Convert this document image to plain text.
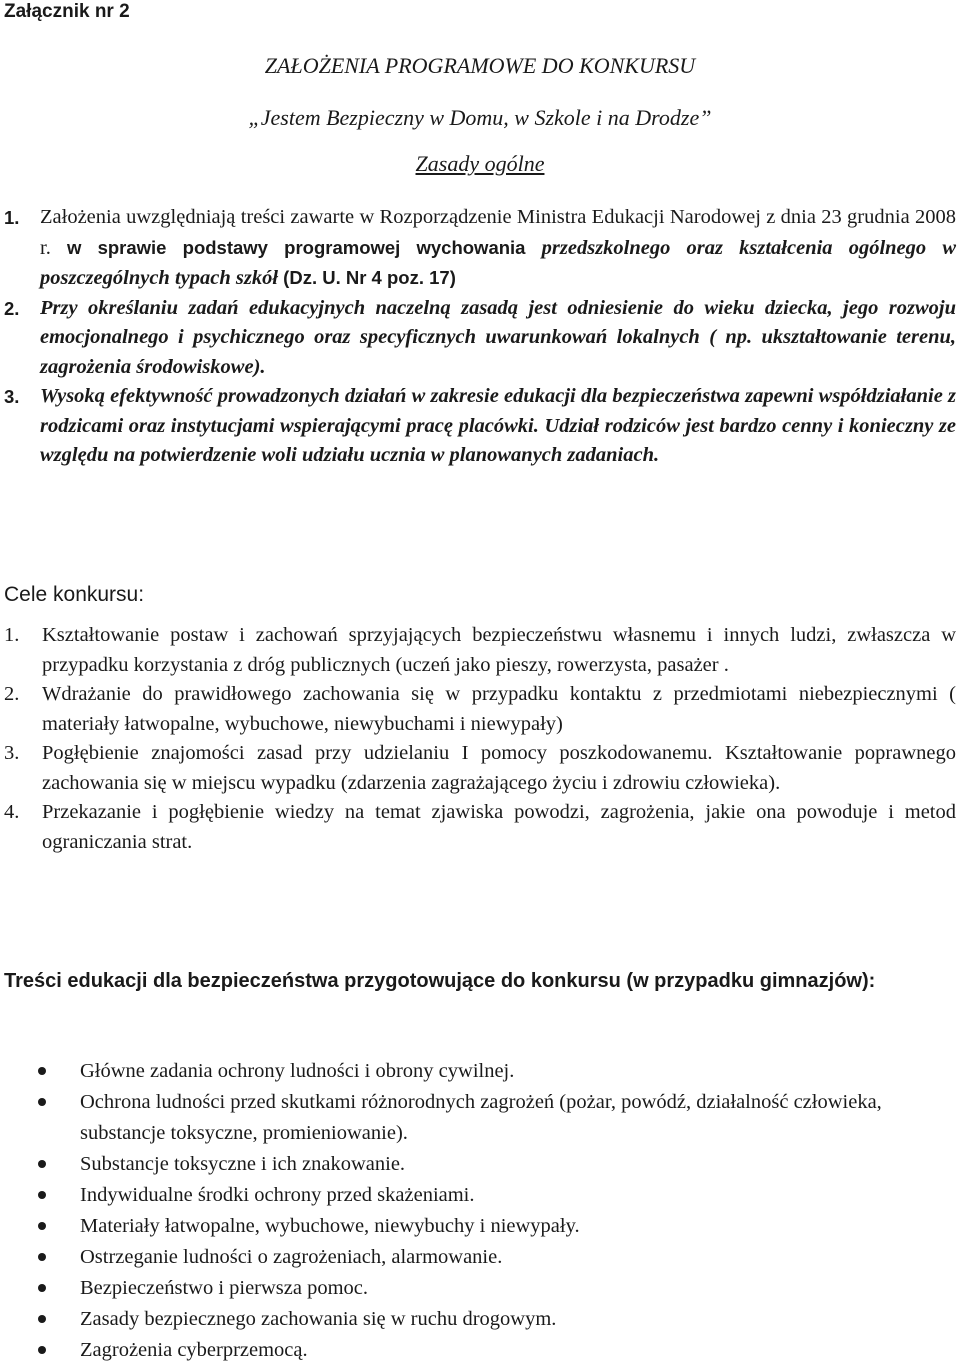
Załącznik nr 2
ZAŁOŻENIA PROGRAMOWE DO KONKURSU
„Jestem Bezpieczny w Domu, w Szkole i na Drodze”
Zasady ogólne
1.	Założenia uwzględniają treści zawarte w Rozporządzenie Ministra Edukacji Narodowej z dnia 23 grudnia 2008 r. w sprawie podstawy programowej wychowania przedszkolnego oraz kształcenia ogólnego w poszczególnych typach szkół (Dz. U. Nr 4 poz. 17)
2.	Przy określaniu zadań edukacyjnych naczelną zasadą jest odniesienie do wieku dziecka, jego rozwoju emocjonalnego i psychicznego oraz specyficznych uwarunkowań lokalnych ( np. ukształtowanie terenu, zagrożenia środowiskowe).
3.	Wysoką efektywność prowadzonych działań w zakresie edukacji dla bezpieczeństwa zapewni współdziałanie z rodzicami oraz instytucjami wspierającymi pracę placówki. Udział rodziców jest bardzo cenny i konieczny ze względu na potwierdzenie woli udziału ucznia w planowanych zadaniach.
Cele konkursu:
1.	Kształtowanie postaw i zachowań sprzyjających bezpieczeństwu własnemu i innych ludzi, zwłaszcza w przypadku korzystania z dróg publicznych (uczeń jako pieszy, rowerzysta, pasażer .
2.	Wdrażanie do prawidłowego zachowania się w przypadku kontaktu z przedmiotami niebezpiecznymi ( materiały łatwopalne, wybuchowe, niewybuchami i niewypały)
3.	Pogłębienie znajomości zasad przy udzielaniu I pomocy poszkodowanemu. Kształtowanie poprawnego zachowania się w miejscu wypadku (zdarzenia zagrażającego życiu i zdrowiu człowieka).
4.	Przekazanie i pogłębienie wiedzy na temat zjawiska powodzi, zagrożenia, jakie ona powoduje i metod ograniczania strat.
Treści edukacji dla bezpieczeństwa przygotowujące do konkursu (w przypadku gimnazjów):
Główne zadania ochrony ludności i obrony cywilnej.
Ochrona ludności przed skutkami różnorodnych zagrożeń (pożar, powódź, działalność człowieka, substancje toksyczne, promieniowanie).
Substancje toksyczne i ich znakowanie.
Indywidualne środki ochrony przed skażeniami.
Materiały łatwopalne, wybuchowe, niewybuchy i niewypały.
Ostrzeganie ludności o zagrożeniach, alarmowanie.
Bezpieczeństwo i pierwsza pomoc.
Zasady bezpiecznego zachowania się w ruchu drogowym.
Zagrożenia cyberprzemocą.
